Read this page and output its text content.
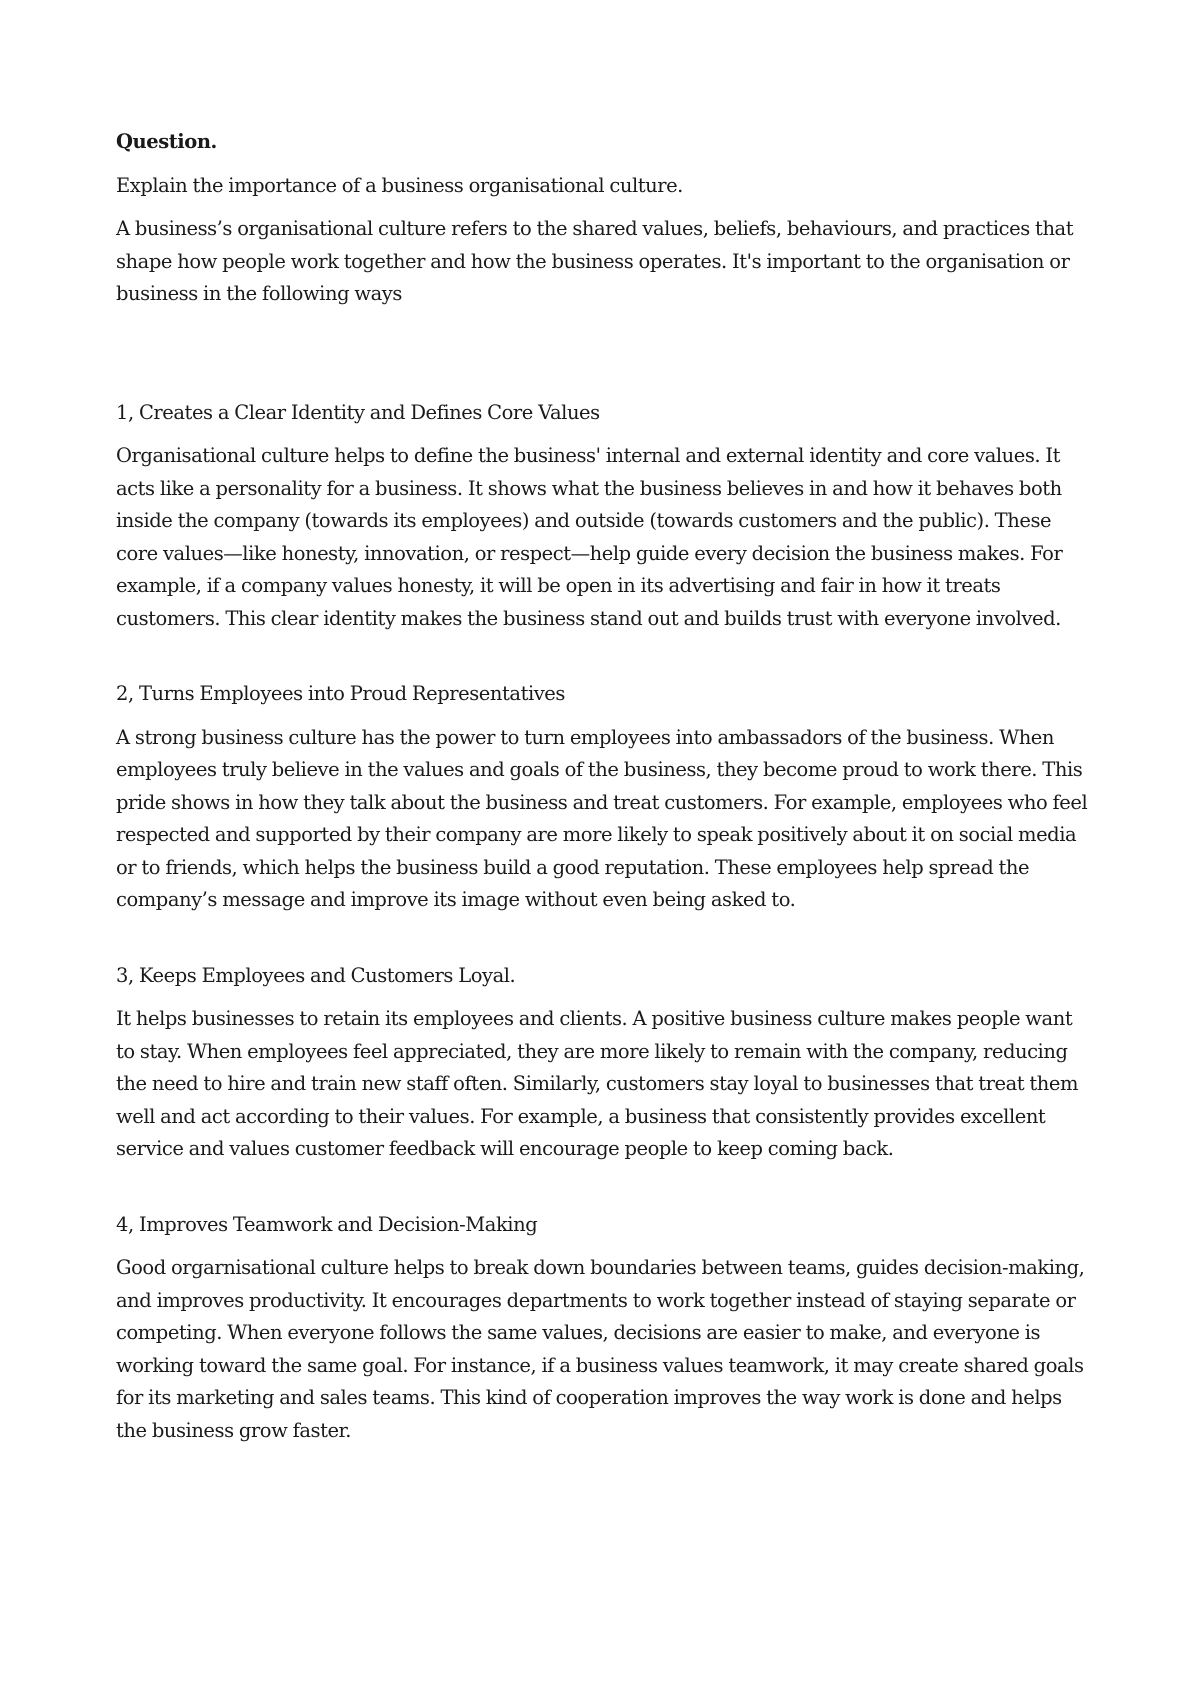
Question.

Explain the importance of a business organisational culture.

A business’s organisational culture refers to the shared values, beliefs, behaviours, and practices that shape how people work together and how the business operates. It's important to the organisation or business in the following ways

1, Creates a Clear Identity and Defines Core Values

Organisational culture helps to define the business' internal and external identity and core values. It acts like a personality for a business. It shows what the business believes in and how it behaves both inside the company (towards its employees) and outside (towards customers and the public). These core values—like honesty, innovation, or respect—help guide every decision the business makes. For example, if a company values honesty, it will be open in its advertising and fair in how it treats customers. This clear identity makes the business stand out and builds trust with everyone involved.

2, Turns Employees into Proud Representatives

A strong business culture has the power to turn employees into ambassadors of the business. When employees truly believe in the values and goals of the business, they become proud to work there. This pride shows in how they talk about the business and treat customers. For example, employees who feel respected and supported by their company are more likely to speak positively about it on social media or to friends, which helps the business build a good reputation. These employees help spread the company’s message and improve its image without even being asked to.

3, Keeps Employees and Customers Loyal.

It helps businesses to retain its employees and clients. A positive business culture makes people want to stay. When employees feel appreciated, they are more likely to remain with the company, reducing the need to hire and train new staff often. Similarly, customers stay loyal to businesses that treat them well and act according to their values. For example, a business that consistently provides excellent service and values customer feedback will encourage people to keep coming back.

4, Improves Teamwork and Decision-Making

Good orgarnisational culture helps to break down boundaries between teams, guides decision-making, and improves productivity. It encourages departments to work together instead of staying separate or competing. When everyone follows the same values, decisions are easier to make, and everyone is working toward the same goal. For instance, if a business values teamwork, it may create shared goals for its marketing and sales teams. This kind of cooperation improves the way work is done and helps the business grow faster.
